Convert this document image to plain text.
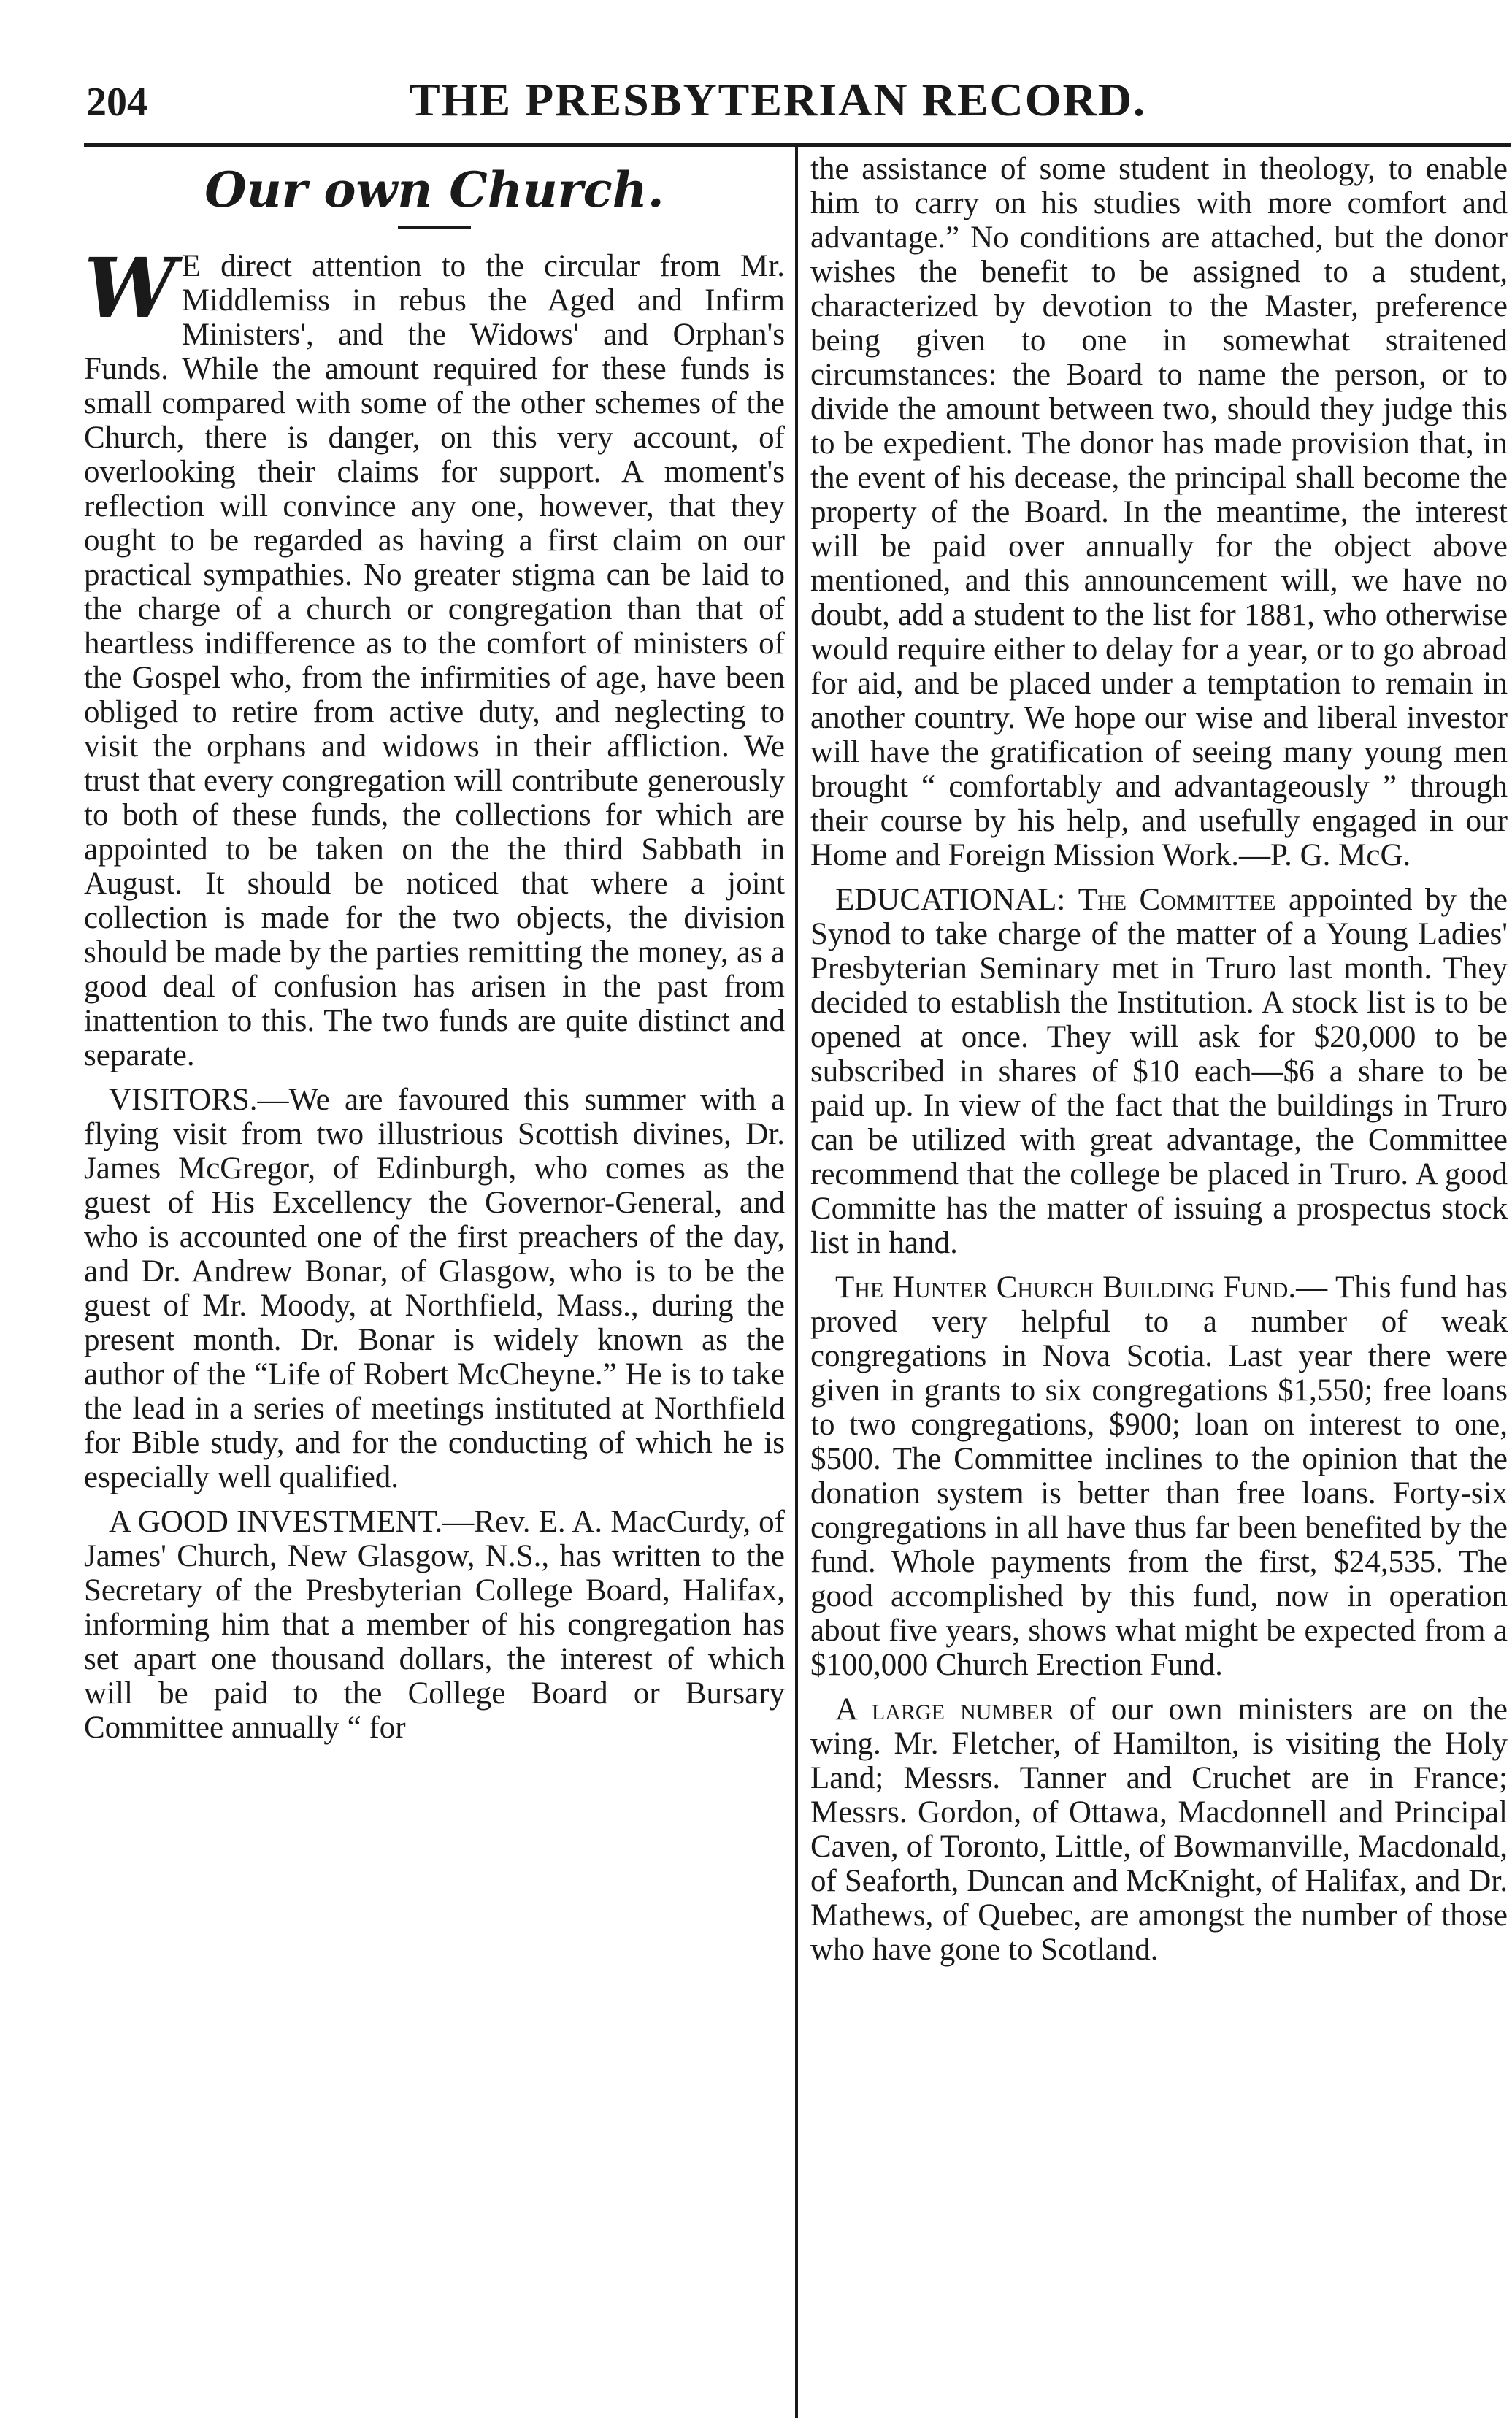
204	THE PRESBYTERIAN RECORD.
Our own Church.

W E direct attention to the circular from Mr. Middlemiss in rebus the Aged and Infirm Ministers', and the Widows' and Orphan's Funds. While the amount required for these funds is small compared with some of the other schemes of the Church, there is danger, on this very account, of overlooking their claims for support. A moment's reflection will convince any one, however, that they ought to be regarded as having a first claim on our practical sympathies. No greater stigma can be laid to the charge of a church or congregation than that of heartless indifference as to the comfort of ministers of the Gospel who, from the infirmities of age, have been obliged to retire from active duty, and neglecting to visit the orphans and widows in their affliction. We trust that every congregation will contribute generously to both of these funds, the collections for which are appointed to be taken on the the third Sabbath in August. It should be noticed that where a joint collection is made for the two objects, the division should be made by the parties remitting the money, as a good deal of confusion has arisen in the past from inattention to this. The two funds are quite distinct and separate.

VISITORS.—We are favoured this summer with a flying visit from two illustrious Scottish divines, Dr. James McGregor, of Edinburgh, who comes as the guest of His Excellency the Governor-General, and who is accounted one of the first preachers of the day, and Dr. Andrew Bonar, of Glasgow, who is to be the guest of Mr. Moody, at Northfield, Mass., during the present month. Dr. Bonar is widely known as the author of the “Life of Robert McCheyne.” He is to take the lead in a series of meetings instituted at Northfield for Bible study, and for the conducting of which he is especially well qualified.

A GOOD INVESTMENT.—Rev. E. A. MacCurdy, of James' Church, New Glasgow, N.S., has written to the Secretary of the Presbyterian College Board, Halifax, informing him that a member of his congregation has set apart one thousand dollars, the interest of which will be paid to the College Board or Bursary Committee annually “ for

the assistance of some student in theology, to enable him to carry on his studies with more comfort and advantage.” No conditions are attached, but the donor wishes the benefit to be assigned to a student, characterized by devotion to the Master, preference being given to one in somewhat straitened circumstances: the Board to name the person, or to divide the amount between two, should they judge this to be expedient. The donor has made provision that, in the event of his decease, the principal shall become the property of the Board. In the meantime, the interest will be paid over annually for the object above mentioned, and this announcement will, we have no doubt, add a student to the list for 1881, who otherwise would require either to delay for a year, or to go abroad for aid, and be placed under a temptation to remain in another country. We hope our wise and liberal investor will have the gratification of seeing many young men brought “ comfortably and advantageously ” through their course by his help, and usefully engaged in our Home and Foreign Mission Work.—P. G. McG.

EDUCATIONAL: The Committee appointed by the Synod to take charge of the matter of a Young Ladies' Presbyterian Seminary met in Truro last month. They decided to establish the Institution. A stock list is to be opened at once. They will ask for $20,000 to be subscribed in shares of $10 each—$6 a share to be paid up. In view of the fact that the buildings in Truro can be utilized with great advantage, the Committee recommend that the college be placed in Truro. A good Committe has the matter of issuing a prospectus stock list in hand.

The Hunter Church Building Fund.— This fund has proved very helpful to a number of weak congregations in Nova Scotia. Last year there were given in grants to six congregations $1,550; free loans to two congregations, $900; loan on interest to one, $500. The Committee inclines to the opinion that the donation system is better than free loans. Forty-six congregations in all have thus far been benefited by the fund. Whole payments from the first, $24,535. The good accomplished by this fund, now in operation about five years, shows what might be expected from a $100,000 Church Erection Fund.

A large number of our own ministers are on the wing. Mr. Fletcher, of Hamilton, is visiting the Holy Land; Messrs. Tanner and Cruchet are in France; Messrs. Gordon, of Ottawa, Macdonnell and Principal Caven, of Toronto, Little, of Bowmanville, Macdonald, of Seaforth, Duncan and McKnight, of Halifax, and Dr. Mathews, of Quebec, are amongst the number of those who have gone to Scotland.
